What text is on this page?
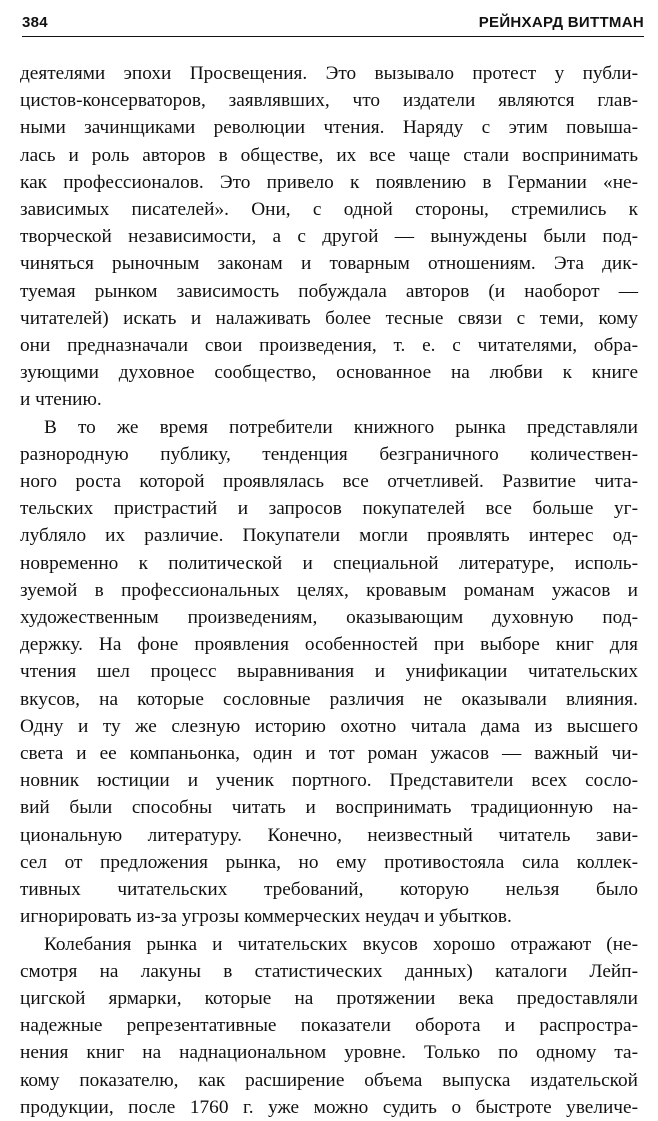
384	РЕЙНХАРД ВИТТМАН

деятелями эпохи Просвещения. Это вызывало протест у публи-
цистов-консерваторов, заявлявших, что издатели являются глав-
ными зачинщиками революции чтения. Наряду с этим повыша-
лась и роль авторов в обществе, их все чаще стали воспринимать
как профессионалов. Это привело к появлению в Германии «не-
зависимых писателей». Они, с одной стороны, стремились к
творческой независимости, а с другой — вынуждены были под-
чиняться рыночным законам и товарным отношениям. Эта дик-
туемая рынком зависимость побуждала авторов (и наоборот —
читателей) искать и налаживать более тесные связи с теми, кому
они предназначали свои произведения, т. е. с читателями, обра-
зующими духовное сообщество, основанное на любви к книге
и чтению.

В то же время потребители книжного рынка представляли
разнородную публику, тенденция безграничного количествен-
ного роста которой проявлялась все отчетливей. Развитие чита-
тельских пристрастий и запросов покупателей все больше уг-
лубляло их различие. Покупатели могли проявлять интерес од-
новременно к политической и специальной литературе, исполь-
зуемой в профессиональных целях, кровавым романам ужасов и
художественным произведениям, оказывающим духовную под-
держку. На фоне проявления особенностей при выборе книг для
чтения шел процесс выравнивания и унификации читательских
вкусов, на которые сословные различия не оказывали влияния.
Одну и ту же слезную историю охотно читала дама из высшего
света и ее компаньонка, один и тот роман ужасов — важный чи-
новник юстиции и ученик портного. Представители всех сосло-
вий были способны читать и воспринимать традиционную на-
циональную литературу. Конечно, неизвестный читатель зави-
сел от предложения рынка, но ему противостояла сила коллек-
тивных читательских требований, которую нельзя было
игнорировать из-за угрозы коммерческих неудач и убытков.

Колебания рынка и читательских вкусов хорошо отражают (не-
смотря на лакуны в статистических данных) каталоги Лейп-
цигской ярмарки, которые на протяжении века предоставляли
надежные репрезентативные показатели оборота и распростра-
нения книг на наднациональном уровне. Только по одному та-
кому показателю, как расширение объема выпуска издательской
продукции, после 1760 г. уже можно судить о быстроте увеличе-
